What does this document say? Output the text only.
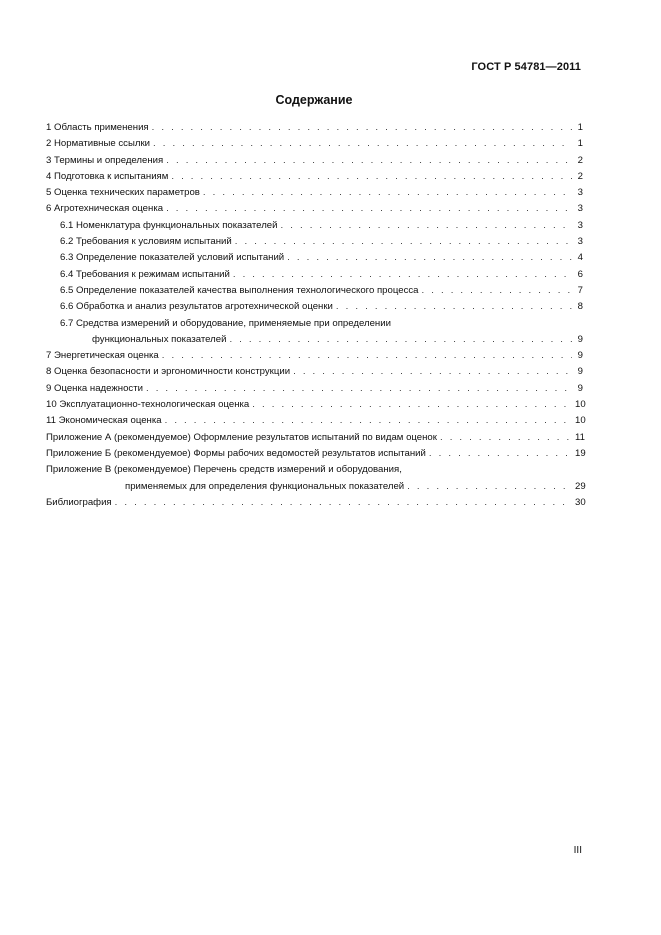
ГОСТ Р 54781—2011
Содержание
1 Область применения . . .	1
2 Нормативные ссылки . . .	1
3 Термины и определения . . .	2
4 Подготовка к испытаниям . . .	2
5 Оценка технических параметров . . .	3
6 Агротехническая оценка . . .	3
6.1 Номенклатура функциональных показателей . . .	3
6.2 Требования к условиям испытаний . . .	3
6.3 Определение показателей условий испытаний . . .	4
6.4 Требования к режимам испытаний . . .	6
6.5 Определение показателей качества выполнения технологического процесса . . .	7
6.6 Обработка и анализ результатов агротехнической оценки . . .	8
6.7 Средства измерений и оборудование, применяемые при определении
функциональных показателей . . .	9
7 Энергетическая оценка . . .	9
8 Оценка безопасности и эргономичности конструкции . . .	9
9 Оценка надежности . . .	9
10 Эксплуатационно-технологическая оценка . . .	10
11 Экономическая оценка . . .	10
Приложение А (рекомендуемое) Оформление результатов испытаний по видам оценок . . .	11
Приложение Б (рекомендуемое) Формы рабочих ведомостей результатов испытаний . . .	19
Приложение В (рекомендуемое) Перечень средств измерений и оборудования,
применяемых для определения функциональных показателей . . .	29
Библиография . . .	30
III
